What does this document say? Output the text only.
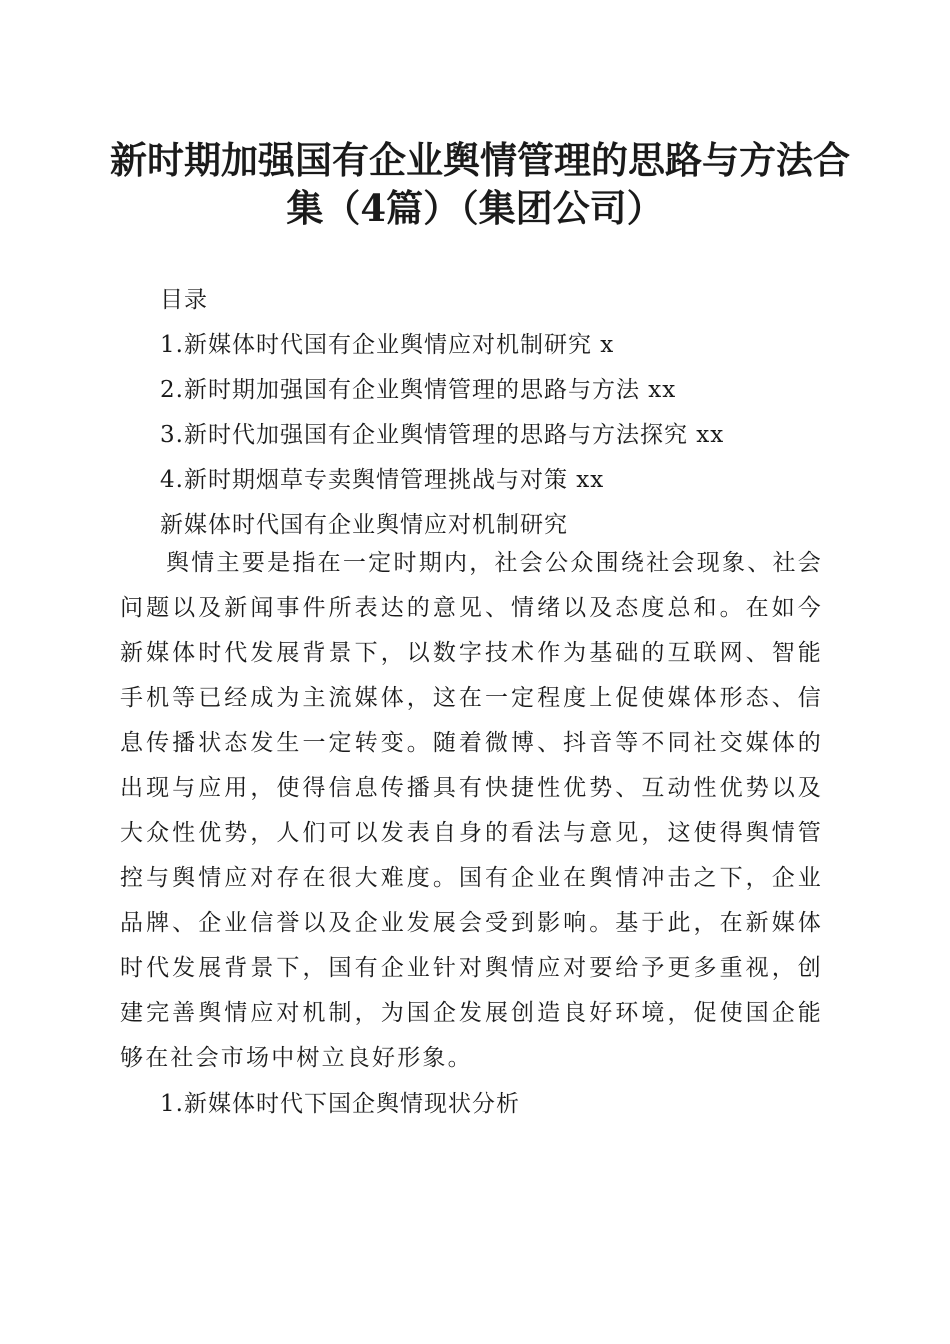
新时期加强国有企业舆情管理的思路与方法合
集（4篇）（集团公司）
目录
1.新媒体时代国有企业舆情应对机制研究 x
2.新时期加强国有企业舆情管理的思路与方法 xx
3.新时代加强国有企业舆情管理的思路与方法探究 xx
4.新时期烟草专卖舆情管理挑战与对策 xx
新媒体时代国有企业舆情应对机制研究

舆情主要是指在一定时期内，社会公众围绕社会现象、社会问题以及新闻事件所表达的意见、情绪以及态度总和。在如今新媒体时代发展背景下，以数字技术作为基础的互联网、智能手机等已经成为主流媒体，这在一定程度上促使媒体形态、信息传播状态发生一定转变。随着微博、抖音等不同社交媒体的出现与应用，使得信息传播具有快捷性优势、互动性优势以及大众性优势，人们可以发表自身的看法与意见，这使得舆情管控与舆情应对存在很大难度。国有企业在舆情冲击之下，企业品牌、企业信誉以及企业发展会受到影响。基于此，在新媒体时代发展背景下，国有企业针对舆情应对要给予更多重视，创建完善舆情应对机制，为国企发展创造良好环境，促使国企能够在社会市场中树立良好形象。

1.新媒体时代下国企舆情现状分析
